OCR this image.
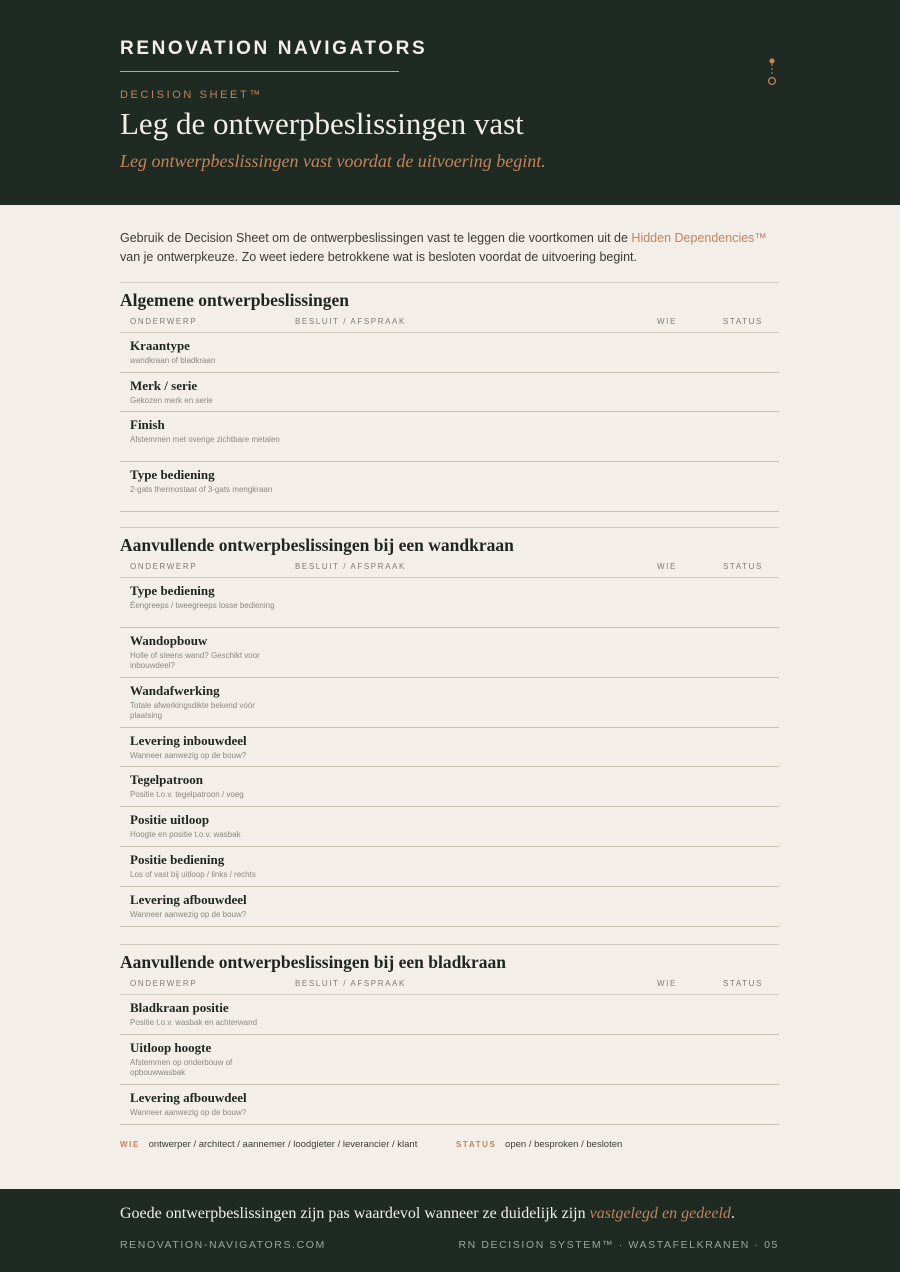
RENOVATION NAVIGATORS
DECISION SHEET™
Leg de ontwerpbeslissingen vast
Leg ontwerpbeslissingen vast voordat de uitvoering begint.
Gebruik de Decision Sheet om de ontwerpbeslissingen vast te leggen die voortkomen uit de Hidden Dependencies™ van je ontwerpkeuze. Zo weet iedere betrokkene wat is besloten voordat de uitvoering begint.
Algemene ontwerpbeslissingen
ONDERWERP	BESLUIT / AFSPRAAK	WIE	STATUS
Kraantype
wandkraan of bladkraan
Merk / serie
Gekozen merk en serie
Finish
Afstemmen met overige zichtbare metalen
Type bediening
2-gats thermostaat of 3-gats mengkraan
Aanvullende ontwerpbeslissingen bij een wandkraan
ONDERWERP	BESLUIT / AFSPRAAK	WIE	STATUS
Type bediening
Éengreeps / tweegreeps losse bediening
Wandopbouw
Holle of steens wand? Geschikt voor inbouwdeel?
Wandafwerking
Totale afwerkingsdikte bekend vóór plaatsing
Levering inbouwdeel
Wanneer aanwezig op de bouw?
Tegelpatroon
Positie t.o.v. tegelpatroon / voeg
Positie uitloop
Hoogte en positie t.o.v. wasbak
Positie bediening
Los of vast bij uitloop / links / rechts
Levering afbouwdeel
Wanneer aanwezig op de bouw?
Aanvullende ontwerpbeslissingen bij een bladkraan
ONDERWERP	BESLUIT / AFSPRAAK	WIE	STATUS
Bladkraan positie
Positie t.o.v. wasbak en achterwand
Uitloop hoogte
Afstemmen op onderbouw of opbouwwasbak
Levering afbouwdeel
Wanneer aanwezig op de bouw?
WIE ontwerper / architect / aannemer / loodgieter / leverancier / klant	STATUS open / besproken / besloten
Goede ontwerpbeslissingen zijn pas waardevol wanneer ze duidelijk zijn vastgelegd en gedeeld.
RENOVATION-NAVIGATORS.COM	RN DECISION SYSTEM™ · WASTAFELKRANEN · 05
